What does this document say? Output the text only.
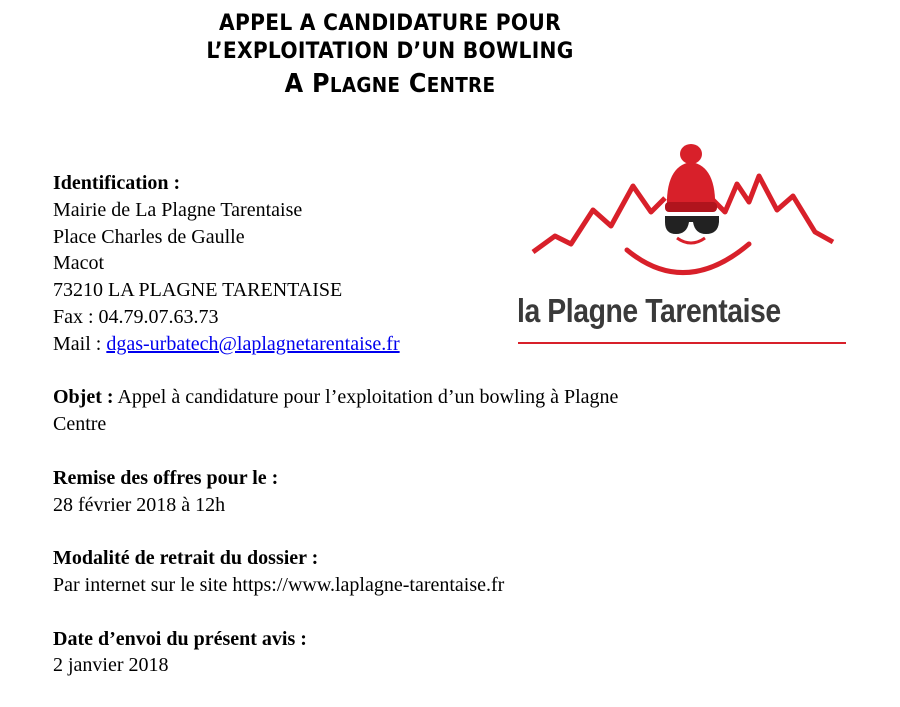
APPEL A CANDIDATURE POUR
L’EXPLOITATION D’UN BOWLING
A PLAGNE CENTRE
Identification :
Mairie de La Plagne Tarentaise
Place Charles de Gaulle
Macot
73210 LA PLAGNE TARENTAISE
Fax : 04.79.07.63.73
Mail : dgas-urbatech@laplagnetarentaise.fr
Objet : Appel à candidature pour l’exploitation d’un bowling à Plagne
Centre
Remise des offres pour le :
28 février 2018 à 12h
Modalité de retrait du dossier :
Par internet sur le site https://www.laplagne-tarentaise.fr
Date d’envoi du présent avis :
2 janvier 2018
la Plagne Tarentaise
